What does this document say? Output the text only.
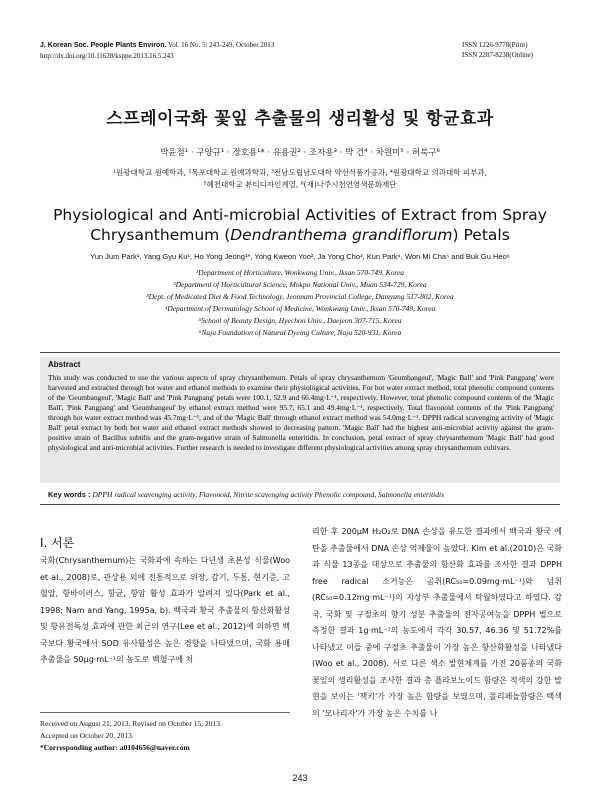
J. Korean Soc. People Plants Environ. Vol. 16 No. 5: 243-249, October 2013
http://dx.doi.org/10.11628/ksppe.2013.16.5.243
ISSN 1226-9778(Print)
ISSN 2287-8238(Online)
스프레이국화 꽃잎 추출물의 생리활성 및 항균효과
박윤점¹ · 구양규¹ · 정호용¹* · 유용권² · 조자용³ · 박 건⁴ · 차원미⁵ · 허북구⁶
¹원광대학교 원예학과, ²목포대학교 원예과학과, ³전남도립남도대학 약선식품가공과, ⁴원광대학교 의과대학 피부과,
⁵혜천대학교 뷰티디자인계열, ⁶(재)나주시천연염색문화재단
Physiological and Anti-microbial Activities of Extract from Spray
Chrysanthemum (Dendranthema grandiflorum) Petals
Yun Jum Park¹, Yang Gyu Ku¹, Ho Yong Jeong¹*, Yong Kweon Yoo², Ja Yong Cho³, Kun Park⁴, Won Mi Cha⁵ and Buk Gu Heo⁶
¹Department of Horticulture, Wonkwang Univ., Iksan 570-749, Korea
²Department of Horticultural Science, Mokpo National Univ., Muan 534-729, Korea
³Dept. of Medicated Diet & Food Technology, Jeonnam Provincial College, Damyang 517-802, Korea
⁴Department of Dermatology School of Medicine, Wonkwang Univ., Iksan 570-749, Korea
⁵School of Beauty Design, Hyechon Univ., Daejeon 307-715, Korea
⁶Naju Foundation of Natural Dyeing Culture, Naju 520-931, Korea
Abstract
This study was conducted to use the various aspects of spray chrysanthemum. Petals of spray chrysanthemum 'Geumbangeul', 'Magic Ball' and 'Pink Pangpang' were harvested and extracted through hot water and ethanol methods to examine their physiological activities. For hot water extract method, total phenolic compound contents of the 'Geumbangeul', 'Magic Ball' and 'Pink Pangpang' petals were 100.1, 52.9 and 66.4mg·L⁻¹, respectively. However, total phenolic compound contents of the 'Magic Ball', 'Pink Pangpang' and 'Geumbangeul' by ethanol extract method were 95.7, 65.1 and 49.4mg·L⁻¹, respectively. Total flavonoid contents of the 'Pink Pangpang' through hot water extract method was 45.7mg·L⁻¹, and of the 'Magic Ball' through ethanol extract method was 54.0mg·L⁻¹. DPPH radical scavenging activity of 'Magic Ball' petal extract by both hot water and ethanol extract methods showed to decreasing pattern. 'Magic Ball' had the highest anti-microbial activity against the gram-positive strain of Bacillus subtilis and the gram-negative strain of Salmonella enteritidis. In conclusion, petal extract of spray chrysanthemum 'Magic Ball' had good physiological and anti-microbial activities. Further research is needed to investigate different physiological activities among spray chrysanthemum cultivars.
Key words : DPPH radical scavenging activity, Flavonoid, Nitrite scavenging activity Phenolic compound, Salmonella enteritidis
Ⅰ. 서론
국화(Chrysanthemum)는 국화과에 속하는 다년생 초본성 식물(Woo et al., 2008)로, 관상용 외에 전통적으로 위장, 감기, 두통, 현기증, 고혈압, 항바이러스, 항균, 항암 활성 효과가 알려져 있다(Park et al., 1998; Nam and Yang, 1995a, b). 백국과 황국 추출물의 항산화활성 및 항유전독성 효과에 관한 최근의 연구(Lee et al., 2012)에 의하면 백국보다 황국에서 SOD 유사활성은 높은 경향을 나타냈으며, 국화 용매 추출물을 50μg·mL⁻¹의 농도로 백혈구에 처
리한 후 200μM H₂O₂로 DNA 손상을 유도한 결과에서 백국과 황국 에탄올 추출물에서 DNA 손상 억제율이 높았다. Kim et al.(2010)은 국화과 식물 13종을 대상으로 추출물의 항산화 효과를 조사한 결과 DPPH free radical 소거능은 곰취(RC₅₀=0.09mg·mL⁻¹)와 넘취(RC₅₀=0.12mg·mL⁻¹)의 지상부 추출물에서 탁월하였다고 하였다. 감국, 국화 및 구절초의 향기 성분 추출물의 전자공여능을 DPPH 법으로 측정한 결과 1g·mL⁻¹의 농도에서 각각 30.57, 46.36 및 51.72%를 나타냈고 이들 중에 구절초 추출물이 가장 높은 항산화활성을 나타냈다(Woo et al., 2008). 서로 다른 색소 발현체계를 가진 20품종의 국화 꽃잎의 생리활성을 조사한 결과 총 플라보노이드 함량은 적색의 강한 발현을 보이는 '잭키'가 가장 높은 함량을 보였으며, 폴리페놀함량은 백색의 '모나리자'가 가장 높은 수치를 나
Received on August 21, 2013. Revised on October 15, 2013.
Accepted on October 20, 2013.
*Corresponding author: a0104656@naver.com
243
